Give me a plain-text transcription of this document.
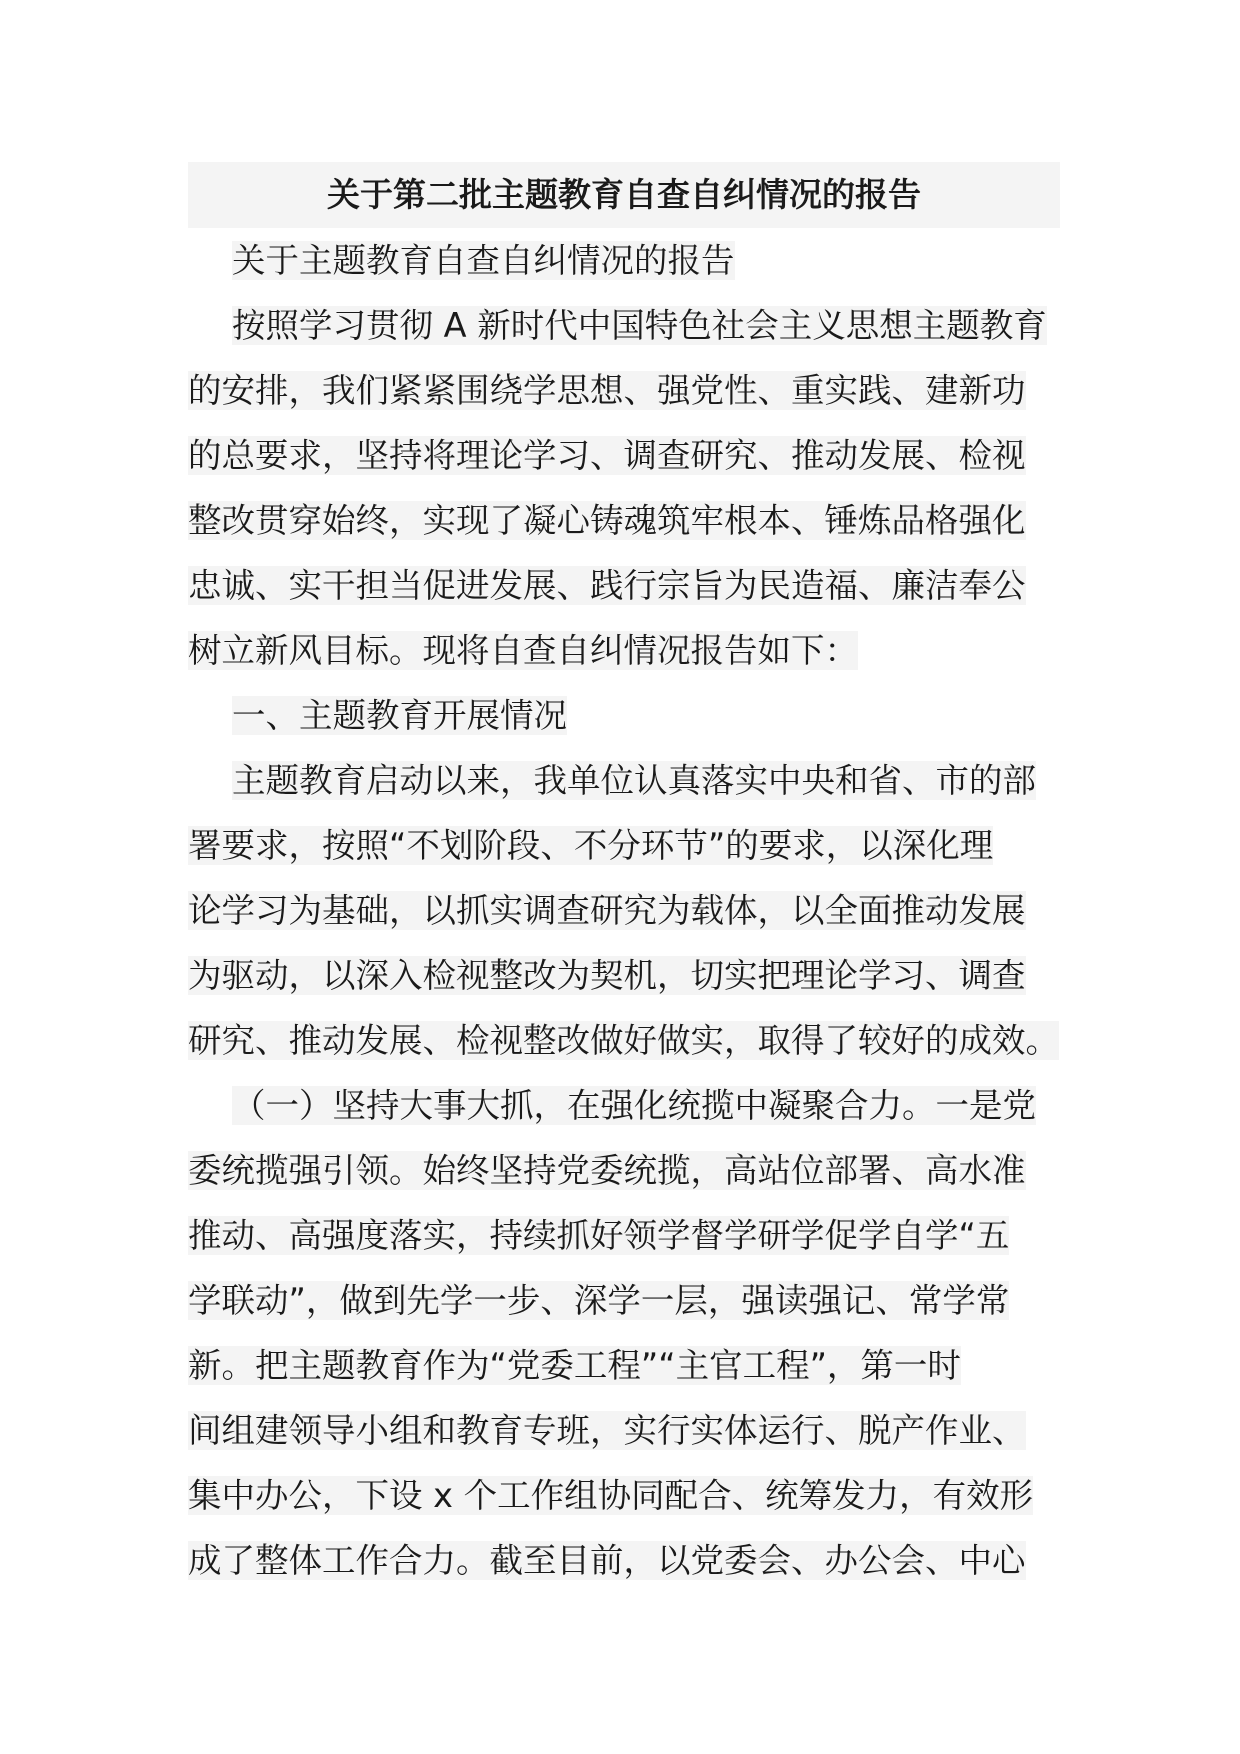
关于第二批主题教育自查自纠情况的报告
关于主题教育自查自纠情况的报告
按照学习贯彻 A 新时代中国特色社会主义思想主题教育
的安排，我们紧紧围绕学思想、强党性、重实践、建新功
的总要求，坚持将理论学习、调查研究、推动发展、检视
整改贯穿始终，实现了凝心铸魂筑牢根本、锤炼品格强化
忠诚、实干担当促进发展、践行宗旨为民造福、廉洁奉公
树立新风目标。现将自查自纠情况报告如下：
一、主题教育开展情况
主题教育启动以来，我单位认真落实中央和省、市的部
署要求，按照“不划阶段、不分环节”的要求，以深化理
论学习为基础，以抓实调查研究为载体，以全面推动发展
为驱动，以深入检视整改为契机，切实把理论学习、调查
研究、推动发展、检视整改做好做实，取得了较好的成效。
（一）坚持大事大抓，在强化统揽中凝聚合力。一是党
委统揽强引领。始终坚持党委统揽，高站位部署、高水准
推动、高强度落实，持续抓好领学督学研学促学自学“五
学联动”，做到先学一步、深学一层，强读强记、常学常
新。把主题教育作为“党委工程”“主官工程”，第一时
间组建领导小组和教育专班，实行实体运行、脱产作业、
集中办公，下设 x 个工作组协同配合、统筹发力，有效形
成了整体工作合力。截至目前，以党委会、办公会、中心
